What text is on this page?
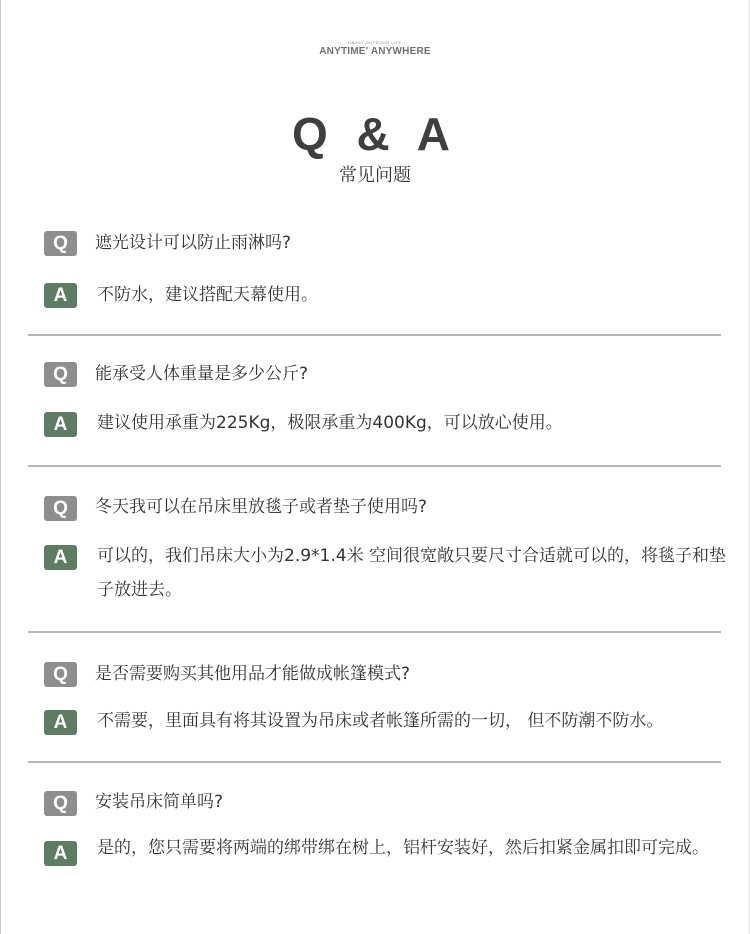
ENJOY OUTDOOR LIFE
ANYTIME' ANYWHERE
Q & A
常见问题
Q	遮光设计可以防止雨淋吗?
A	不防水，建议搭配天幕使用。
Q	能承受人体重量是多少公斤?
A	建议使用承重为225Kg，极限承重为400Kg，可以放心使用。
Q	冬天我可以在吊床里放毯子或者垫子使用吗?
A	可以的，我们吊床大小为2.9*1.4米 空间很宽敞只要尺寸合适就可以的，将毯子和垫子放进去。
Q	是否需要购买其他用品才能做成帐篷模式?
A	不需要，里面具有将其设置为吊床或者帐篷所需的一切， 但不防潮不防水。
Q	安装吊床简单吗?
A	是的，您只需要将两端的绑带绑在树上，铝杆安装好，然后扣紧金属扣即可完成。
